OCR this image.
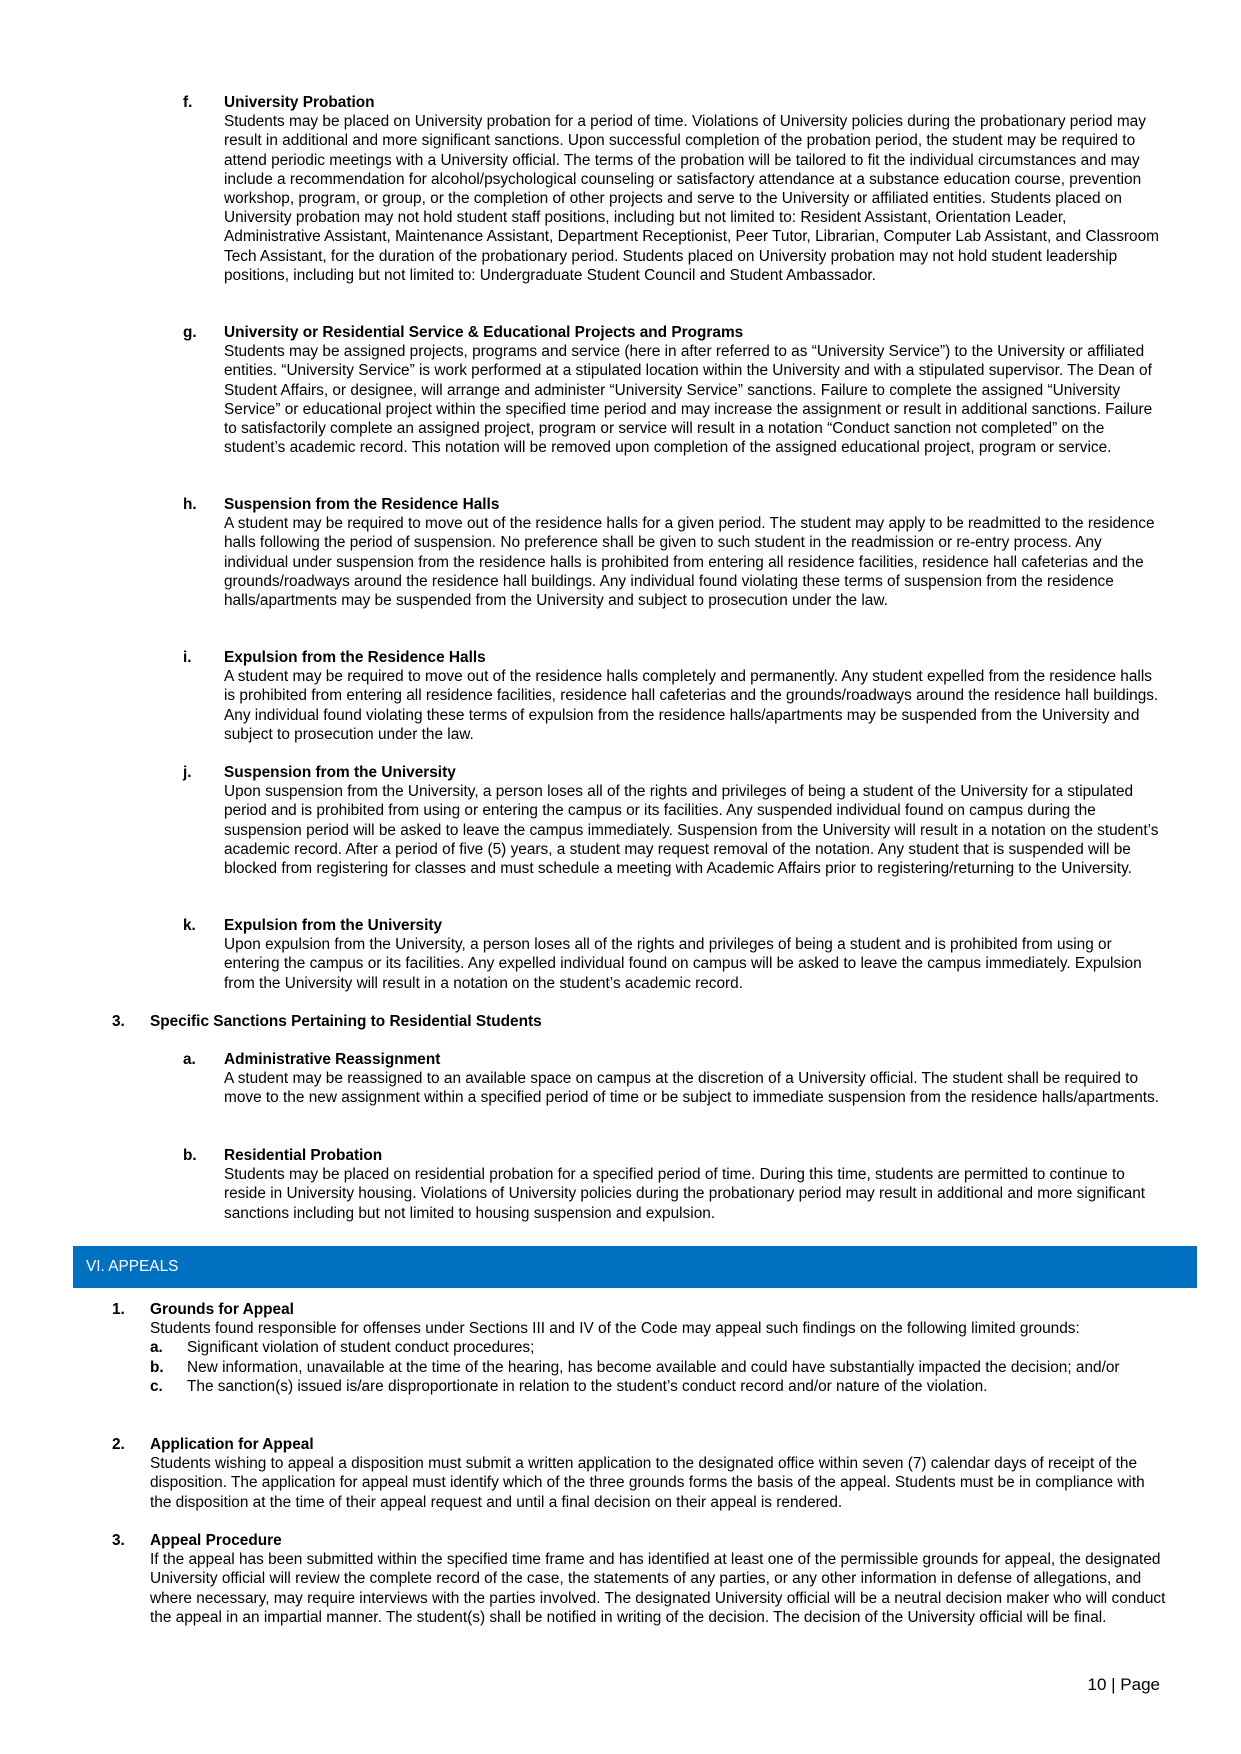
f. University Probation
Students may be placed on University probation for a period of time. Violations of University policies during the probationary period may result in additional and more significant sanctions. Upon successful completion of the probation period, the student may be required to attend periodic meetings with a University official. The terms of the probation will be tailored to fit the individual circumstances and may include a recommendation for alcohol/psychological counseling or satisfactory attendance at a substance education course, prevention workshop, program, or group, or the completion of other projects and serve to the University or affiliated entities. Students placed on University probation may not hold student staff positions, including but not limited to: Resident Assistant, Orientation Leader, Administrative Assistant, Maintenance Assistant, Department Receptionist, Peer Tutor, Librarian, Computer Lab Assistant, and Classroom Tech Assistant, for the duration of the probationary period. Students placed on University probation may not hold student leadership positions, including but not limited to: Undergraduate Student Council and Student Ambassador.
g. University or Residential Service & Educational Projects and Programs
Students may be assigned projects, programs and service (here in after referred to as “University Service”) to the University or affiliated entities. “University Service” is work performed at a stipulated location within the University and with a stipulated supervisor. The Dean of Student Affairs, or designee, will arrange and administer “University Service” sanctions. Failure to complete the assigned “University Service” or educational project within the specified time period and may increase the assignment or result in additional sanctions. Failure to satisfactorily complete an assigned project, program or service will result in a notation “Conduct sanction not completed” on the student’s academic record. This notation will be removed upon completion of the assigned educational project, program or service.
h. Suspension from the Residence Halls
A student may be required to move out of the residence halls for a given period. The student may apply to be readmitted to the residence halls following the period of suspension. No preference shall be given to such student in the readmission or re-entry process. Any individual under suspension from the residence halls is prohibited from entering all residence facilities, residence hall cafeterias and the grounds/roadways around the residence hall buildings. Any individual found violating these terms of suspension from the residence halls/apartments may be suspended from the University and subject to prosecution under the law.
i. Expulsion from the Residence Halls
A student may be required to move out of the residence halls completely and permanently. Any student expelled from the residence halls is prohibited from entering all residence facilities, residence hall cafeterias and the grounds/roadways around the residence hall buildings. Any individual found violating these terms of expulsion from the residence halls/apartments may be suspended from the University and subject to prosecution under the law.
j. Suspension from the University
Upon suspension from the University, a person loses all of the rights and privileges of being a student of the University for a stipulated period and is prohibited from using or entering the campus or its facilities. Any suspended individual found on campus during the suspension period will be asked to leave the campus immediately. Suspension from the University will result in a notation on the student’s academic record. After a period of five (5) years, a student may request removal of the notation. Any student that is suspended will be blocked from registering for classes and must schedule a meeting with Academic Affairs prior to registering/returning to the University.
k. Expulsion from the University
Upon expulsion from the University, a person loses all of the rights and privileges of being a student and is prohibited from using or entering the campus or its facilities. Any expelled individual found on campus will be asked to leave the campus immediately. Expulsion from the University will result in a notation on the student’s academic record.
3. Specific Sanctions Pertaining to Residential Students
a. Administrative Reassignment
A student may be reassigned to an available space on campus at the discretion of a University official. The student shall be required to move to the new assignment within a specified period of time or be subject to immediate suspension from the residence halls/apartments.
b. Residential Probation
Students may be placed on residential probation for a specified period of time. During this time, students are permitted to continue to reside in University housing. Violations of University policies during the probationary period may result in additional and more significant sanctions including but not limited to housing suspension and expulsion.
VI. APPEALS
1. Grounds for Appeal
Students found responsible for offenses under Sections III and IV of the Code may appeal such findings on the following limited grounds:
a. Significant violation of student conduct procedures;
b. New information, unavailable at the time of the hearing, has become available and could have substantially impacted the decision; and/or
c. The sanction(s) issued is/are disproportionate in relation to the student’s conduct record and/or nature of the violation.
2. Application for Appeal
Students wishing to appeal a disposition must submit a written application to the designated office within seven (7) calendar days of receipt of the disposition. The application for appeal must identify which of the three grounds forms the basis of the appeal. Students must be in compliance with the disposition at the time of their appeal request and until a final decision on their appeal is rendered.
3. Appeal Procedure
If the appeal has been submitted within the specified time frame and has identified at least one of the permissible grounds for appeal, the designated University official will review the complete record of the case, the statements of any parties, or any other information in defense of allegations, and where necessary, may require interviews with the parties involved. The designated University official will be a neutral decision maker who will conduct the appeal in an impartial manner. The student(s) shall be notified in writing of the decision. The decision of the University official will be final.
10 | Page
